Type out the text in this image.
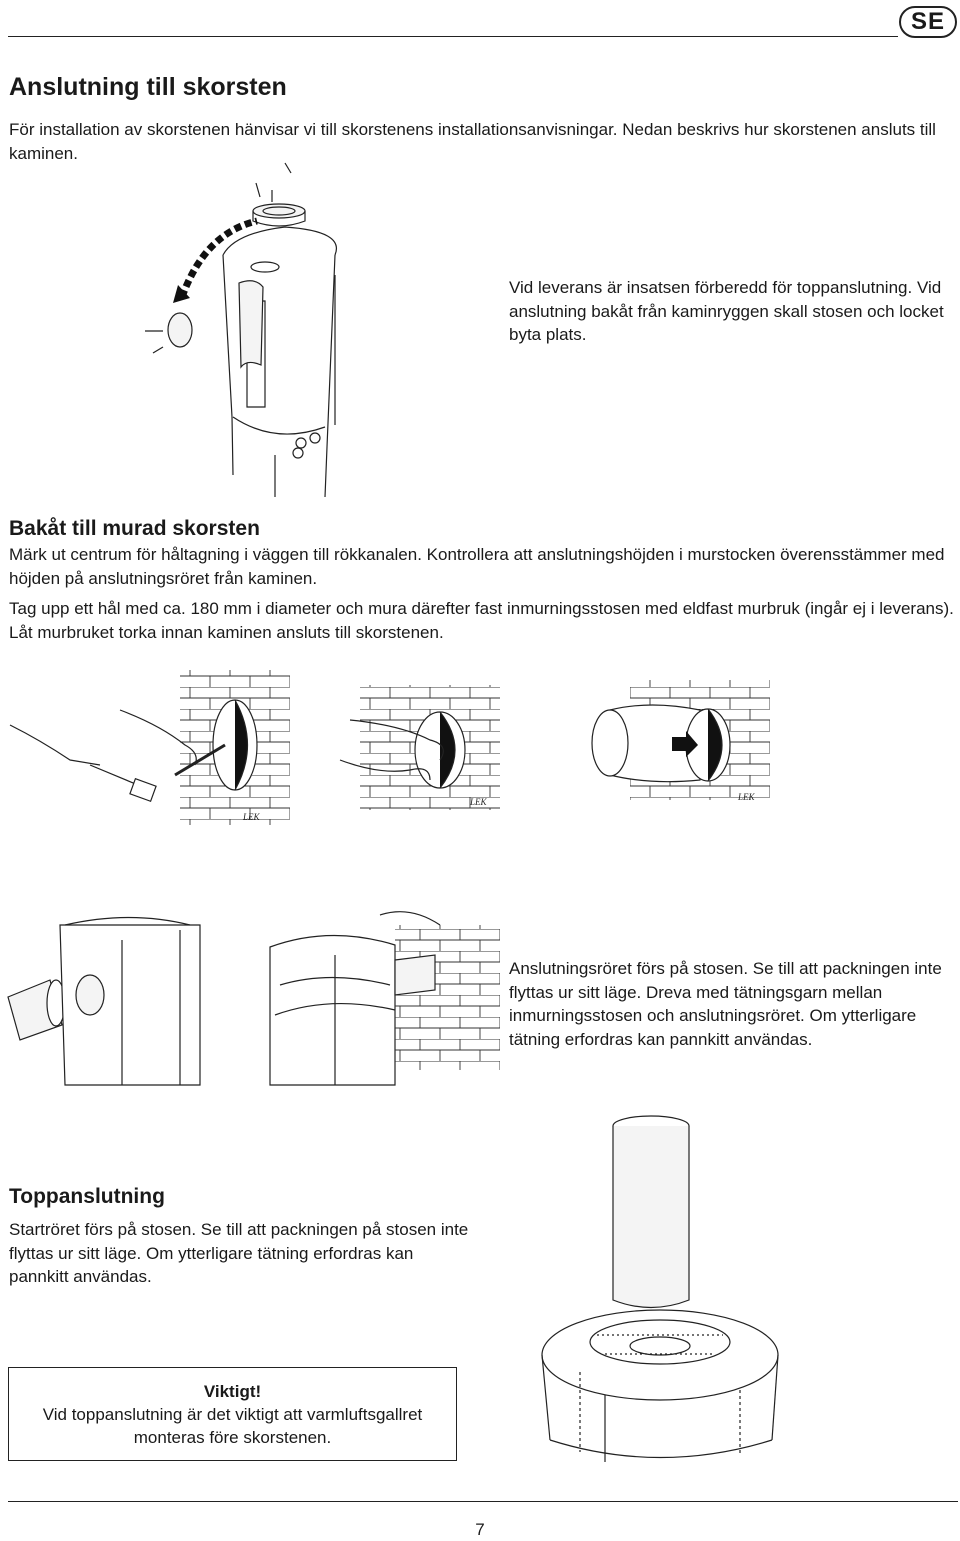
SE
Anslutning till skorsten

För installation av skorstenen hänvisar vi till skorstenens installationsanvisningar. Nedan beskrivs hur skorstenen ansluts till kaminen.

Vid leverans är insatsen förberedd för toppanslutning. Vid anslutning bakåt från kaminryggen skall stosen och locket byta plats.

Bakåt till murad skorsten

Märk ut centrum för håltagning i väggen till rökkanalen. Kontrollera att anslutningshöjden i murstocken överensstämmer med höjden på anslutningsröret från kaminen.

Tag upp ett hål med ca. 180 mm i diameter och mura därefter fast inmurningsstosen med eldfast murbruk (ingår ej i leverans). Låt murbruket torka innan kaminen ansluts till skorstenen.

LEK
LEK	LEK

Anslutningsröret förs på stosen. Se till att packningen inte flyttas ur sitt läge. Dreva med tätningsgarn mellan inmurningsstosen och anslutningsröret. Om ytterligare tätning erfordras kan pannkitt användas.

Toppanslutning

Startröret förs på stosen. Se till att packningen på stosen inte flyttas ur sitt läge. Om ytterligare tätning erfordras kan pannkitt användas.

Viktigt!
Vid toppanslutning är det viktigt att varmluftsgallret monteras före skorstenen.
7
